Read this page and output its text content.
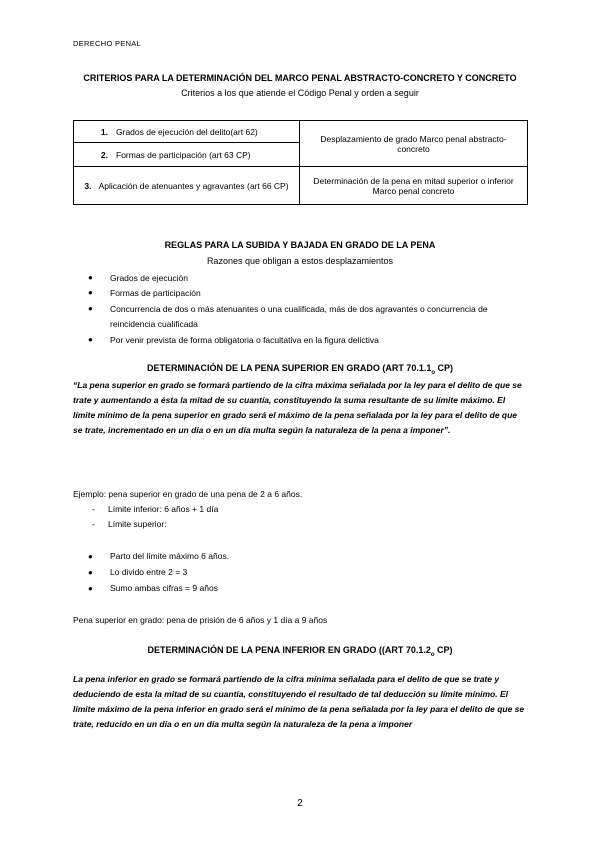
DERECHO PENAL
CRITERIOS PARA LA DETERMINACIÓN DEL MARCO PENAL ABSTRACTO-CONCRETO Y CONCRETO
Criterios a los que atiende el Código Penal y orden a seguir
1. Grados de ejecución del delito(art 62)	Desplazamiento de grado Marco penal abstracto-concreto
2. Formas de participación (art 63 CP)	
3. Aplicación de atenuantes y agravantes (art 66 CP)	Determinación de la pena en mitad superior o inferior Marco penal concreto
REGLAS PARA LA SUBIDA Y BAJADA EN GRADO DE LA PENA
Razones que obligan a estos desplazamientos
● Grados de ejecución
● Formas de participación
● Concurrencia de dos o más atenuantes o una cualificada, más de dos agravantes o concurrencia de reincidencia cualificada
● Por venir prevista de forma obligatoria o facultativa en la figura delictiva
DETERMINACIÓN DE LA PENA SUPERIOR EN GRADO (ART $70.1.1_o$ CP)
“La pena superior en grado se formará partiendo de la cifra máxima señalada por la ley para el delito de que se trate y aumentando a ésta la mitad de su cuantía, constituyendo la suma resultante de su límite máximo. El límite mínimo de la pena superior en grado será el máximo de la pena señalada por la ley para el delito de que se trate, incrementado en un día o en un día multa según la naturaleza de la pena a imponer”.
Ejemplo: pena superior en grado de una pena de 2 a 6 años.
- Límite inferior: 6 años + 1 día
- Límite superior:
● Parto del límite máximo 6 años.
● Lo divido entre 2 = 3
● Sumo ambas cifras = 9 años
Pena superior en grado: pena de prisión de 6 años y 1 día a 9 años
DETERMINACIÓN DE LA PENA INFERIOR EN GRADO ((ART $70.1.2_o$ CP)
La pena inferior en grado se formará partiendo de la cifra mínima señalada para el delito de que se trate y deduciendo de esta la mitad de su cuantía, constituyendo el resultado de tal deducción su límite mínimo. El límite máximo de la pena inferior en grado será el mínimo de la pena señalada por la ley para el delito de que se trate, reducido en un día o en un día multa según la naturaleza de la pena a imponer
2
